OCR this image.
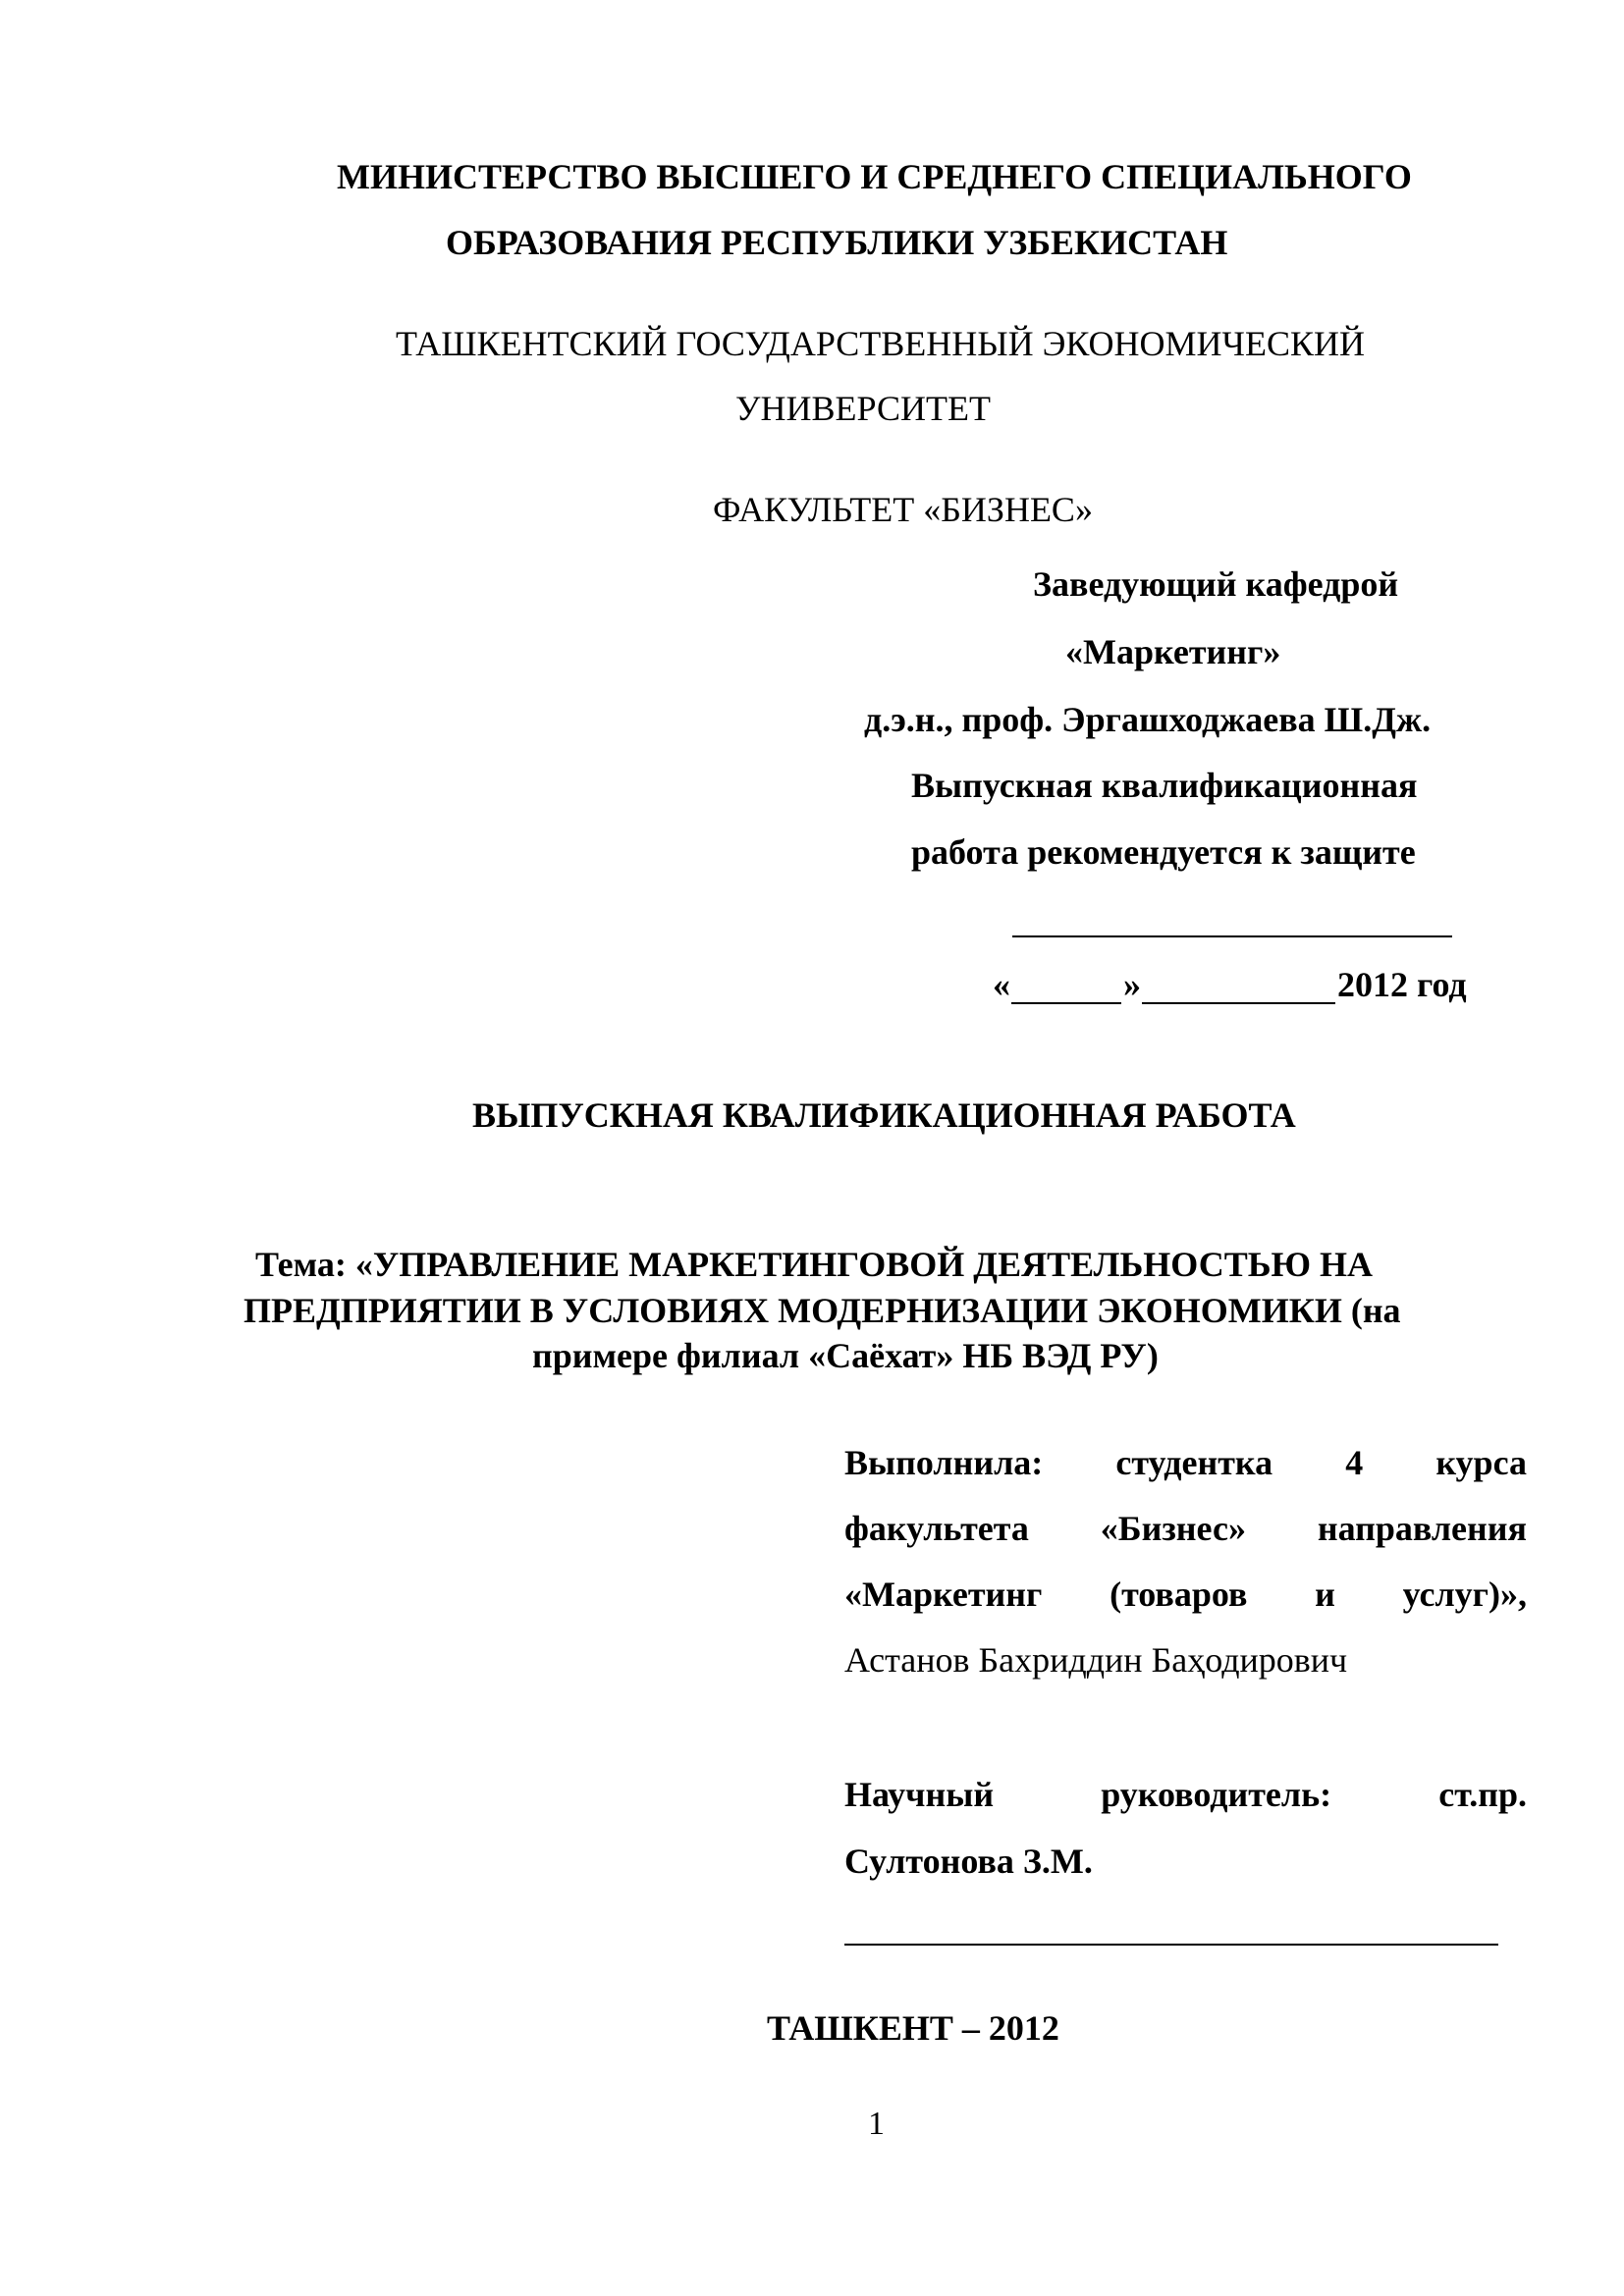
МИНИСТЕРСТВО ВЫСШЕГО И СРЕДНЕГО СПЕЦИАЛЬНОГО
ОБРАЗОВАНИЯ РЕСПУБЛИКИ УЗБЕКИСТАН
ТАШКЕНТСКИЙ ГОСУДАРСТВЕННЫЙ ЭКОНОМИЧЕСКИЙ
УНИВЕРСИТЕТ
ФАКУЛЬТЕТ «БИЗНЕС»
Заведующий кафедрой
«Маркетинг»
д.э.н., проф. Эргашходжаева Ш.Дж.
Выпускная квалификационная
работа рекомендуется к защите
«	»	2012 год
ВЫПУСКНАЯ КВАЛИФИКАЦИОННАЯ РАБОТА
Тема: «УПРАВЛЕНИЕ МАРКЕТИНГОВОЙ ДЕЯТЕЛЬНОСТЬЮ НА
ПРЕДПРИЯТИИ В УСЛОВИЯХ МОДЕРНИЗАЦИИ ЭКОНОМИКИ (на
примере филиал «Саёхат» НБ ВЭД РУ)
Выполнила: студентка 4 курса
факультета «Бизнес» направления
«Маркетинг (товаров и услуг)»,
Астанов Бахриддин Баҳодирович
Научный руководитель: ст.пр.
Султонова З.М.
ТАШКЕНТ – 2012
1
